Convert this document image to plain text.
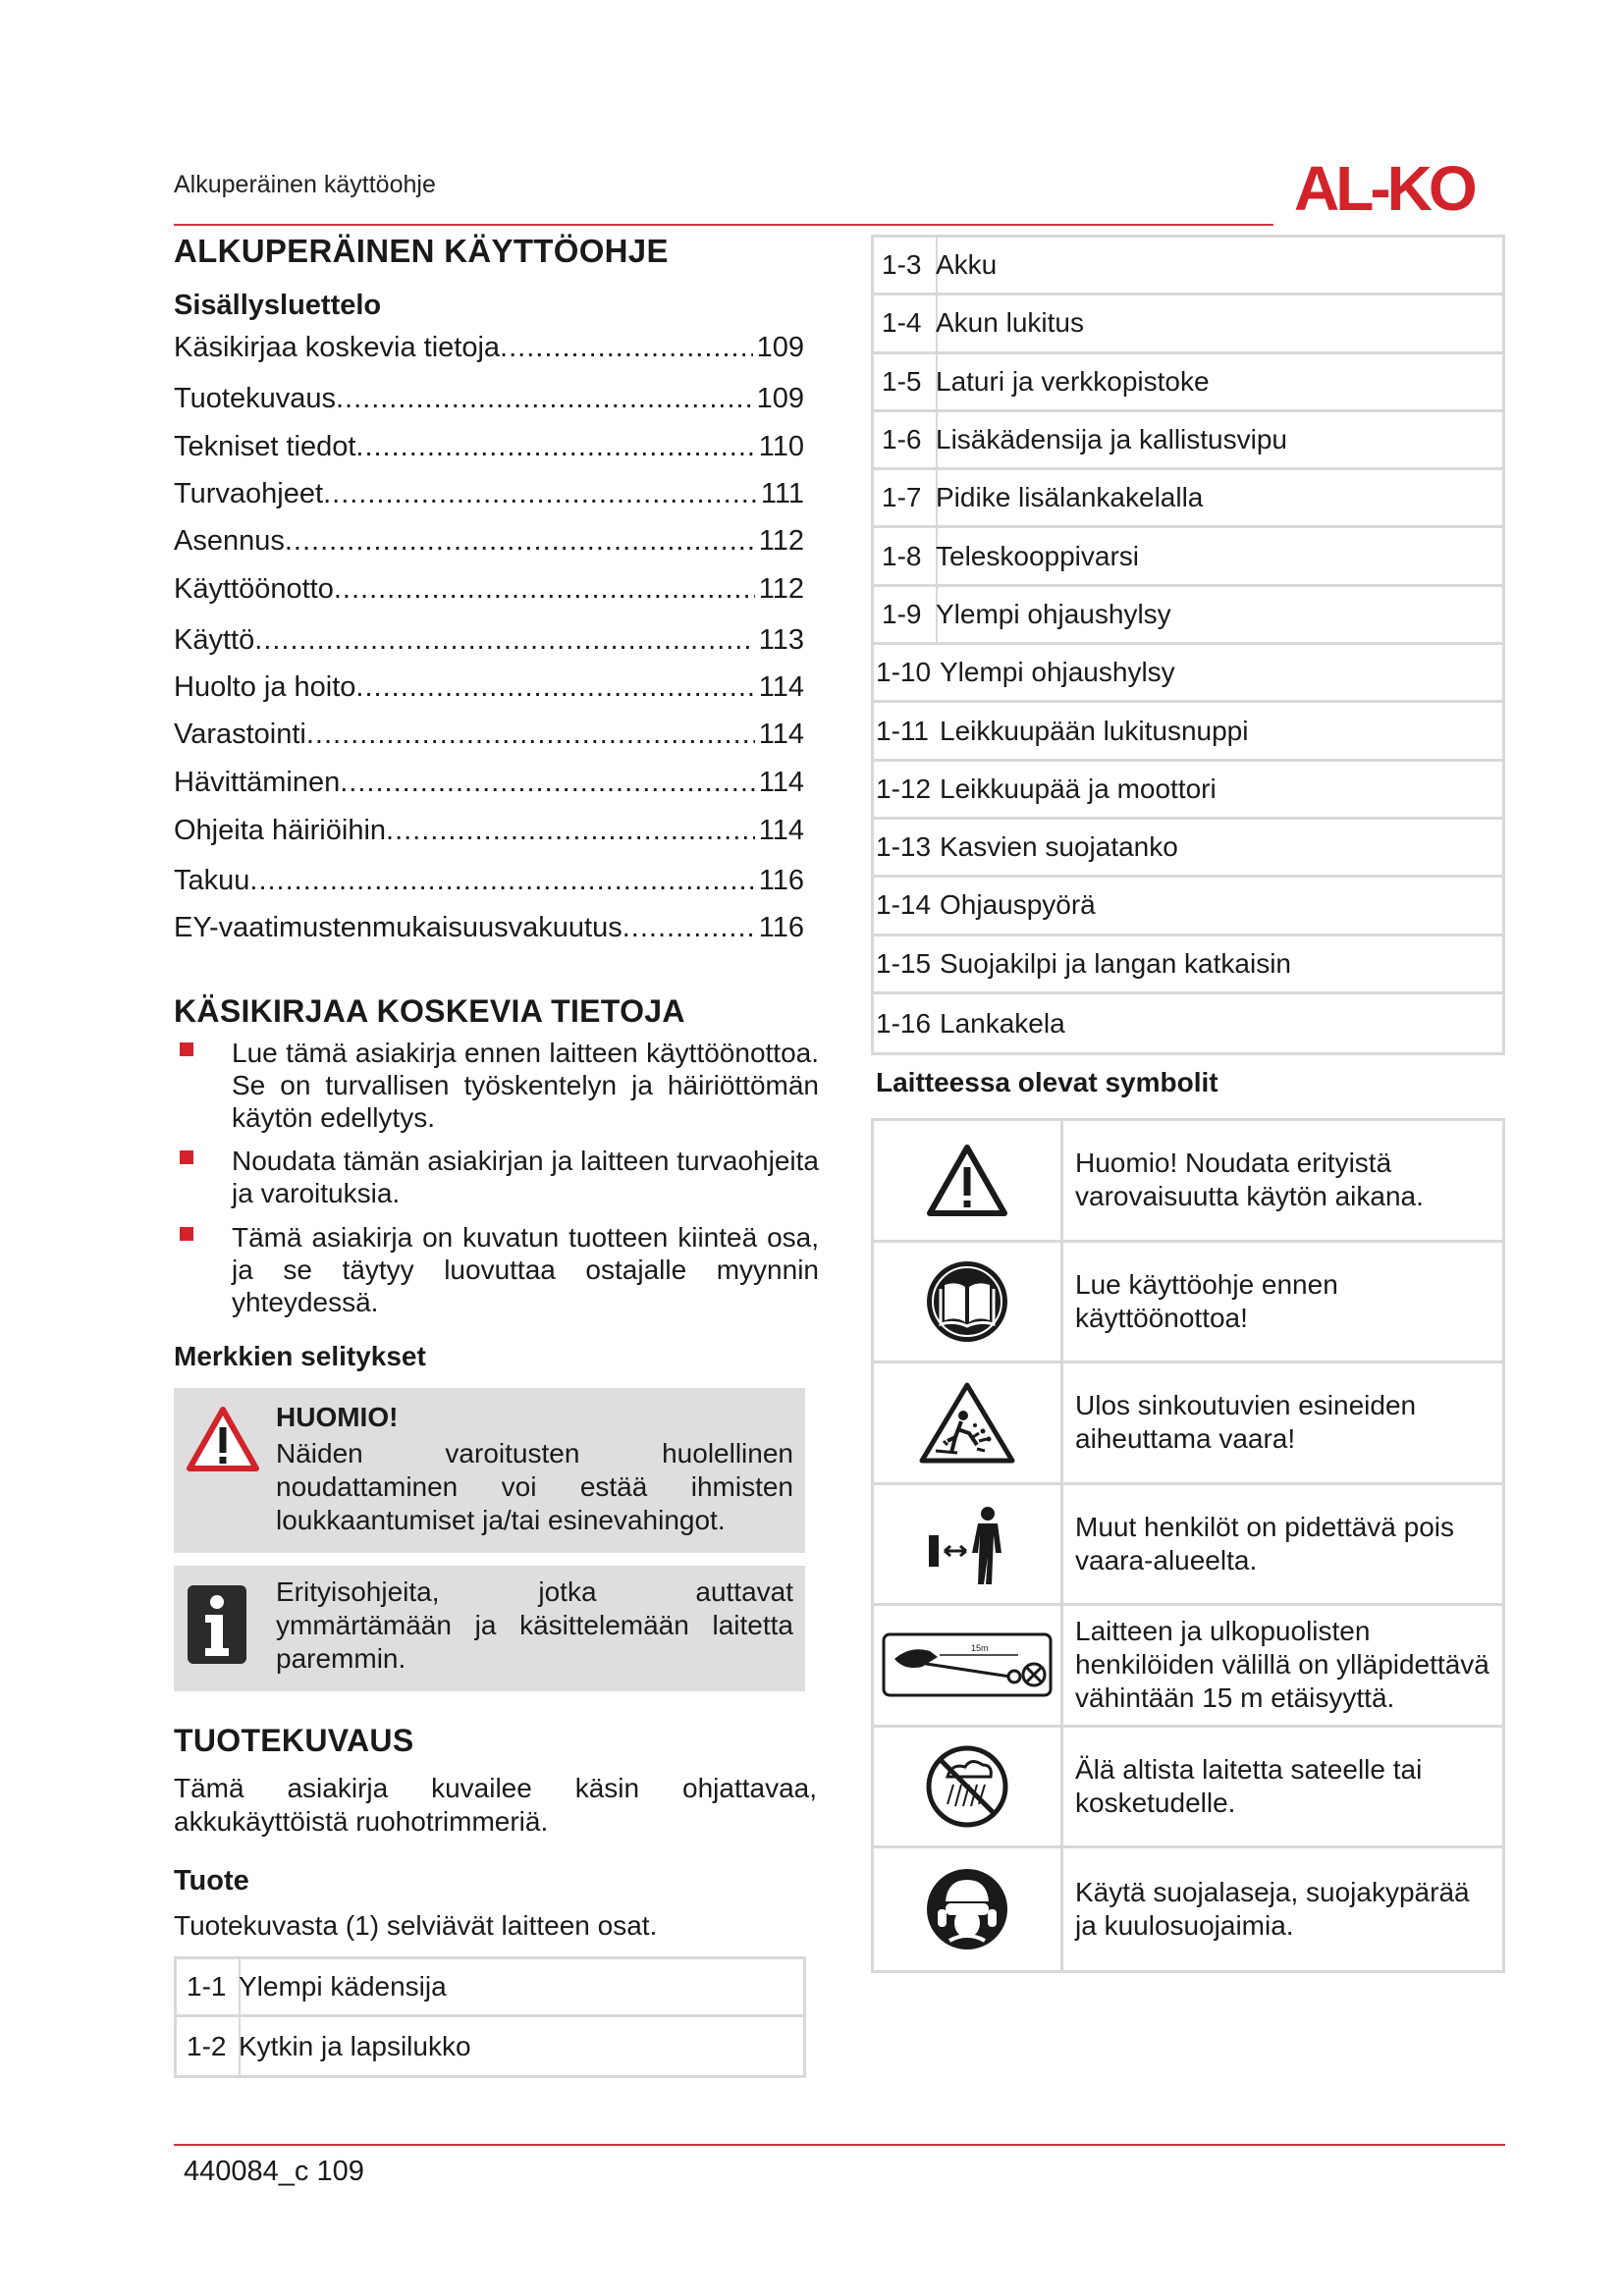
Alkuperäinen käyttöohje	AL-KO
ALKUPERÄINEN KÄYTTÖOHJE
Sisällysluettelo
Käsikirjaa koskevia tietoja .....	109
Tuotekuvaus .....	109
Tekniset tiedot .....	110
Turvaohjeet .....	111
Asennus .....	112
Käyttöönotto .....	112
Käyttö .....	113
Huolto ja hoito .....	114
Varastointi .....	114
Hävittäminen .....	114
Ohjeita häiriöihin .....	114
Takuu .....	116
EY-vaatimustenmukaisuusvakuutus .....	116
KÄSIKIRJAA KOSKEVIA TIETOJA
Lue tämä asiakirja ennen laitteen käyttöönottoa. Se on turvallisen työskentelyn ja häiriöttömän käytön edellytys.
Noudata tämän asiakirjan ja laitteen turvaohjeita ja varoituksia.
Tämä asiakirja on kuvatun tuotteen kiinteä osa, ja se täytyy luovuttaa ostajalle myynnin yhteydessä.
Merkkien selitykset
HUOMIO!
Näiden varoitusten huolellinen noudattaminen voi estää ihmisten loukkaantumiset ja/tai esinevahingot.
Erityisohjeita, jotka auttavat ymmärtämään ja käsittelemään laitetta paremmin.
TUOTEKUVAUS
Tämä asiakirja kuvailee käsin ohjattavaa, akkukäyttöistä ruohotrimmeriä.
Tuote
Tuotekuvasta (1) selviävät laitteen osat.
1-1 Ylempi kädensija
1-2 Kytkin ja lapsilukko
1-3 Akku
1-4 Akun lukitus
1-5 Laturi ja verkkopistoke
1-6 Lisäkädensija ja kallistusvipu
1-7 Pidike lisälankakelalla
1-8 Teleskooppivarsi
1-9 Ylempi ohjaushylsy
1-10 Ylempi ohjaushylsy
1-11 Leikkuupään lukitusnuppi
1-12 Leikkuupää ja moottori
1-13 Kasvien suojatanko
1-14 Ohjauspyörä
1-15 Suojakilpi ja langan katkaisin
1-16 Lankakela
Laitteessa olevat symbolit
Huomio! Noudata erityistä varovaisuutta käytön aikana.
Lue käyttöohje ennen käyttöönottoa!
Ulos sinkoutuvien esineiden aiheuttama vaara!
Muut henkilöt on pidettävä pois vaara-alueelta.
15m
Laitteen ja ulkopuolisten henkilöiden välillä on ylläpidettävä vähintään 15 m etäisyyttä.
Älä altista laitetta sateelle tai kosketudelle.
Käytä suojalaseja, suojakypärää ja kuulosuojaimia.
440084_c 109
